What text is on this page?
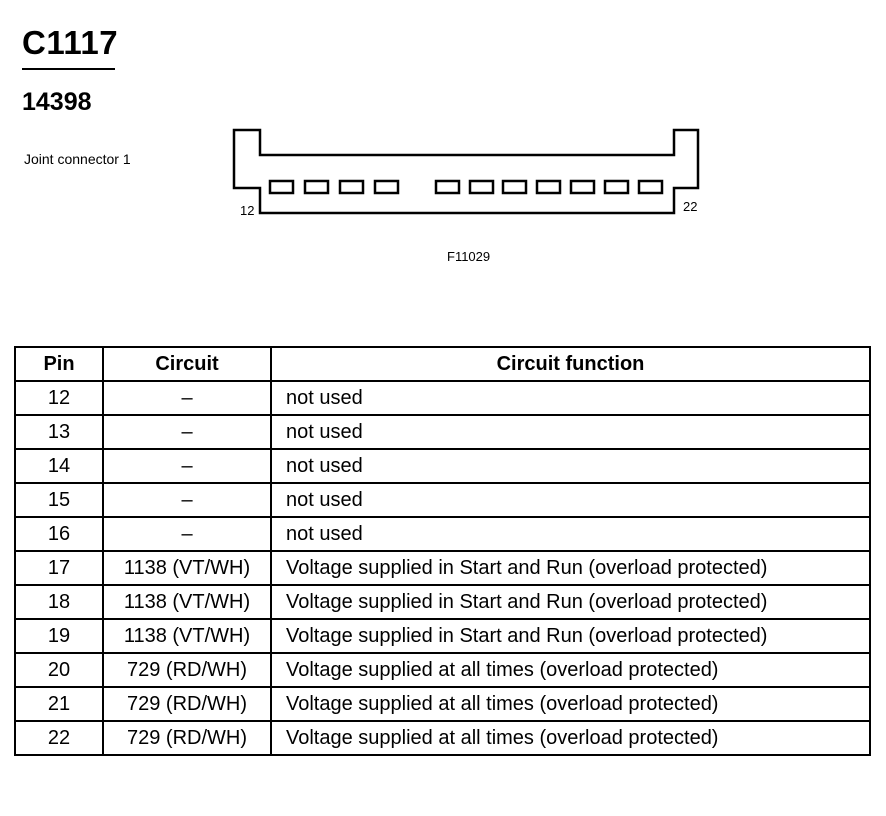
C1117
14398
Joint connector 1
12	22
F11029
Pin	Circuit	Circuit function
12	–	not used
13	–	not used
14	–	not used
15	–	not used
16	–	not used
17	1138 (VT/WH)	Voltage supplied in Start and Run (overload protected)
18	1138 (VT/WH)	Voltage supplied in Start and Run (overload protected)
19	1138 (VT/WH)	Voltage supplied in Start and Run (overload protected)
20	729 (RD/WH)	Voltage supplied at all times (overload protected)
21	729 (RD/WH)	Voltage supplied at all times (overload protected)
22	729 (RD/WH)	Voltage supplied at all times (overload protected)
